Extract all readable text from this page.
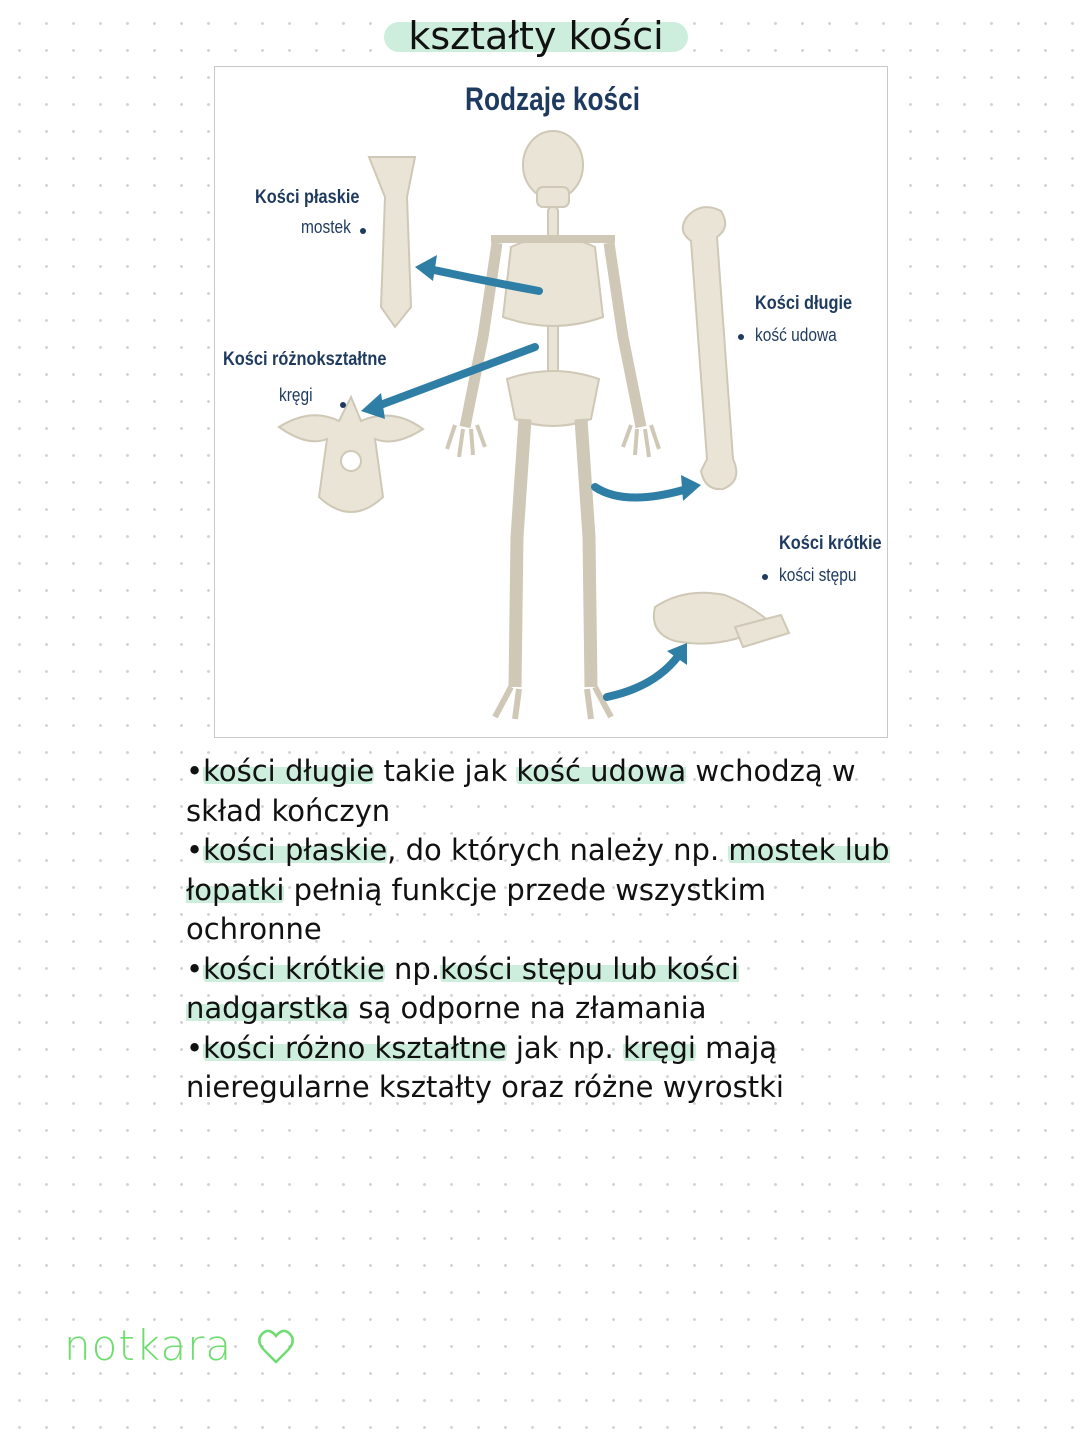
kształty kości
Rodzaje kości
Kości płaskie
mostek
Kości różnokształtne
kręgi
Kości długie
kość udowa
Kości krótkie
kości stępu

•kości długie takie jak kość udowa wchodzą w skład kończyn

•kości płaskie, do których należy np. mostek lub łopatki pełnią funkcje przede wszystkim ochronne

•kości krótkie np.kości stępu lub kości nadgarstka są odporne na złamania

•kości różno kształtne jak np. kręgi mają nieregularne kształty oraz różne wyrostki

notkara
